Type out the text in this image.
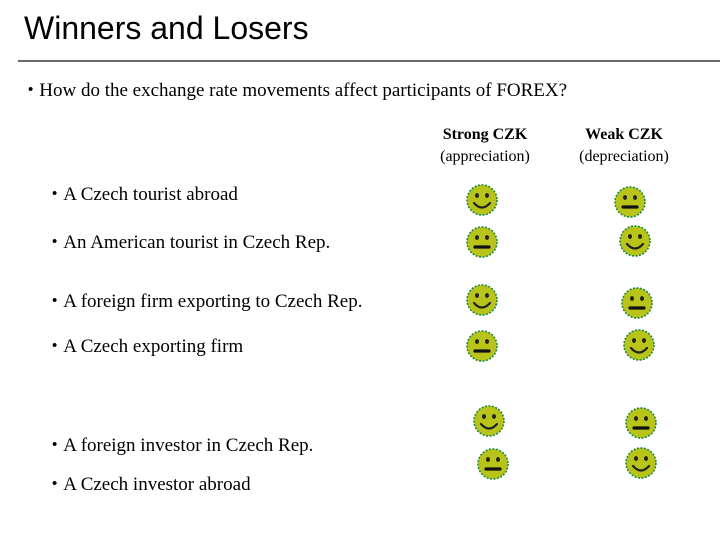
Winners and Losers
• How do the exchange rate movements affect participants of FOREX?
Strong CZK
(appreciation)
Weak CZK
(depreciation)
• A Czech tourist abroad
• An American tourist in Czech Rep.
• A foreign firm exporting to Czech Rep.
• A Czech exporting firm
• A foreign investor in Czech Rep.
• A Czech investor abroad
